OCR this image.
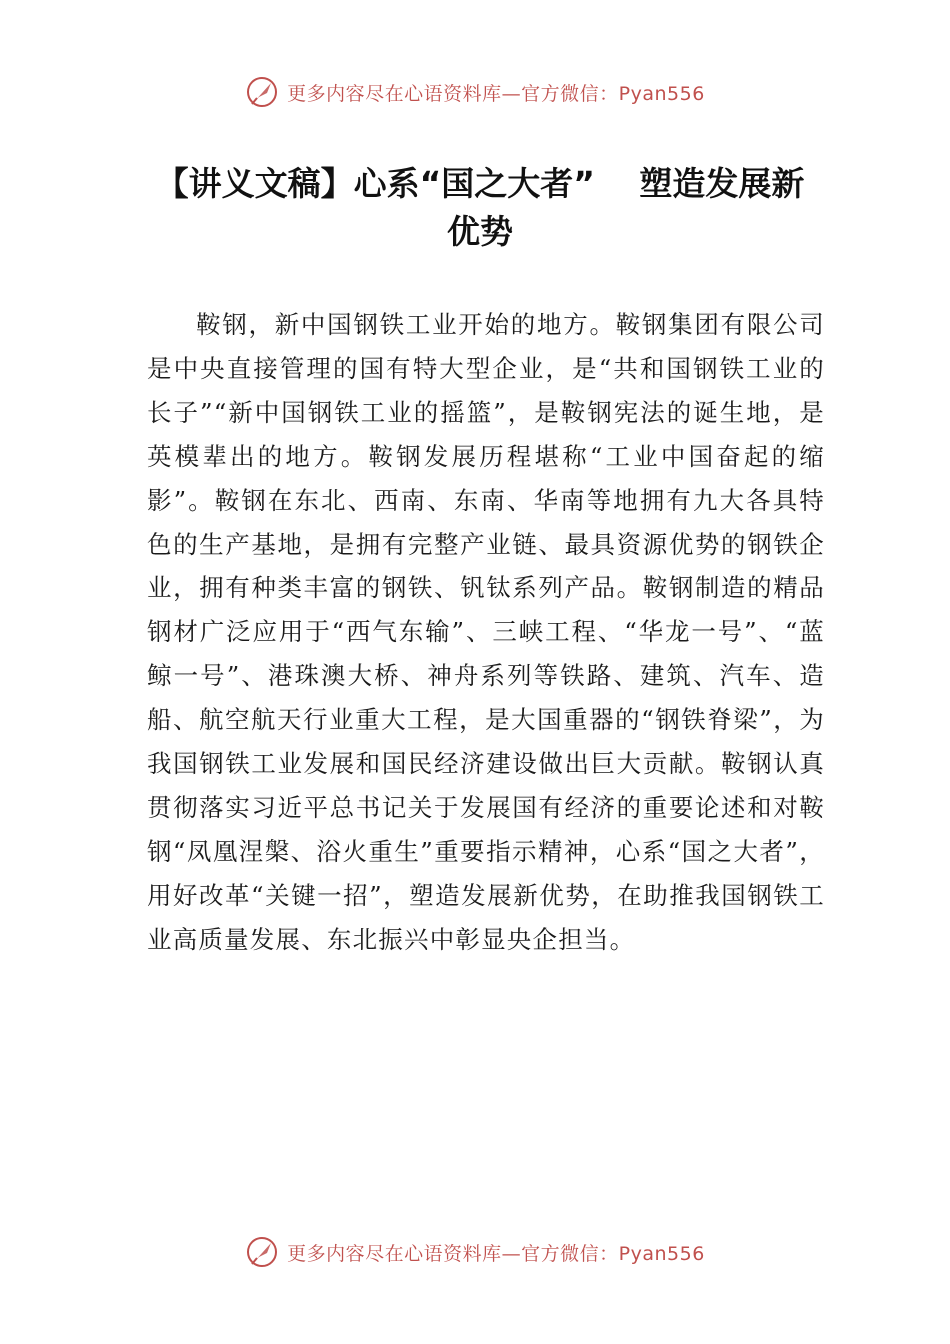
更多内容尽在心语资料库—官方微信：Pyan556
【讲义文稿】心系“国之大者”　 塑造发展新优势

鞍钢，新中国钢铁工业开始的地方。鞍钢集团有限公司是中央直接管理的国有特大型企业，是“共和国钢铁工业的长子”“新中国钢铁工业的摇篮”，是鞍钢宪法的诞生地，是英模辈出的地方。鞍钢发展历程堪称“工业中国奋起的缩影”。鞍钢在东北、西南、东南、华南等地拥有九大各具特色的生产基地，是拥有完整产业链、最具资源优势的钢铁企业，拥有种类丰富的钢铁、钒钛系列产品。鞍钢制造的精品钢材广泛应用于“西气东输”、三峡工程、“华龙一号”、“蓝鲸一号”、港珠澳大桥、神舟系列等铁路、建筑、汽车、造船、航空航天行业重大工程，是大国重器的“钢铁脊梁”，为我国钢铁工业发展和国民经济建设做出巨大贡献。鞍钢认真贯彻落实习近平总书记关于发展国有经济的重要论述和对鞍钢“凤凰涅槃、浴火重生”重要指示精神，心系“国之大者”，用好改革“关键一招”，塑造发展新优势，在助推我国钢铁工业高质量发展、东北振兴中彰显央企担当。

更多内容尽在心语资料库—官方微信：Pyan556
